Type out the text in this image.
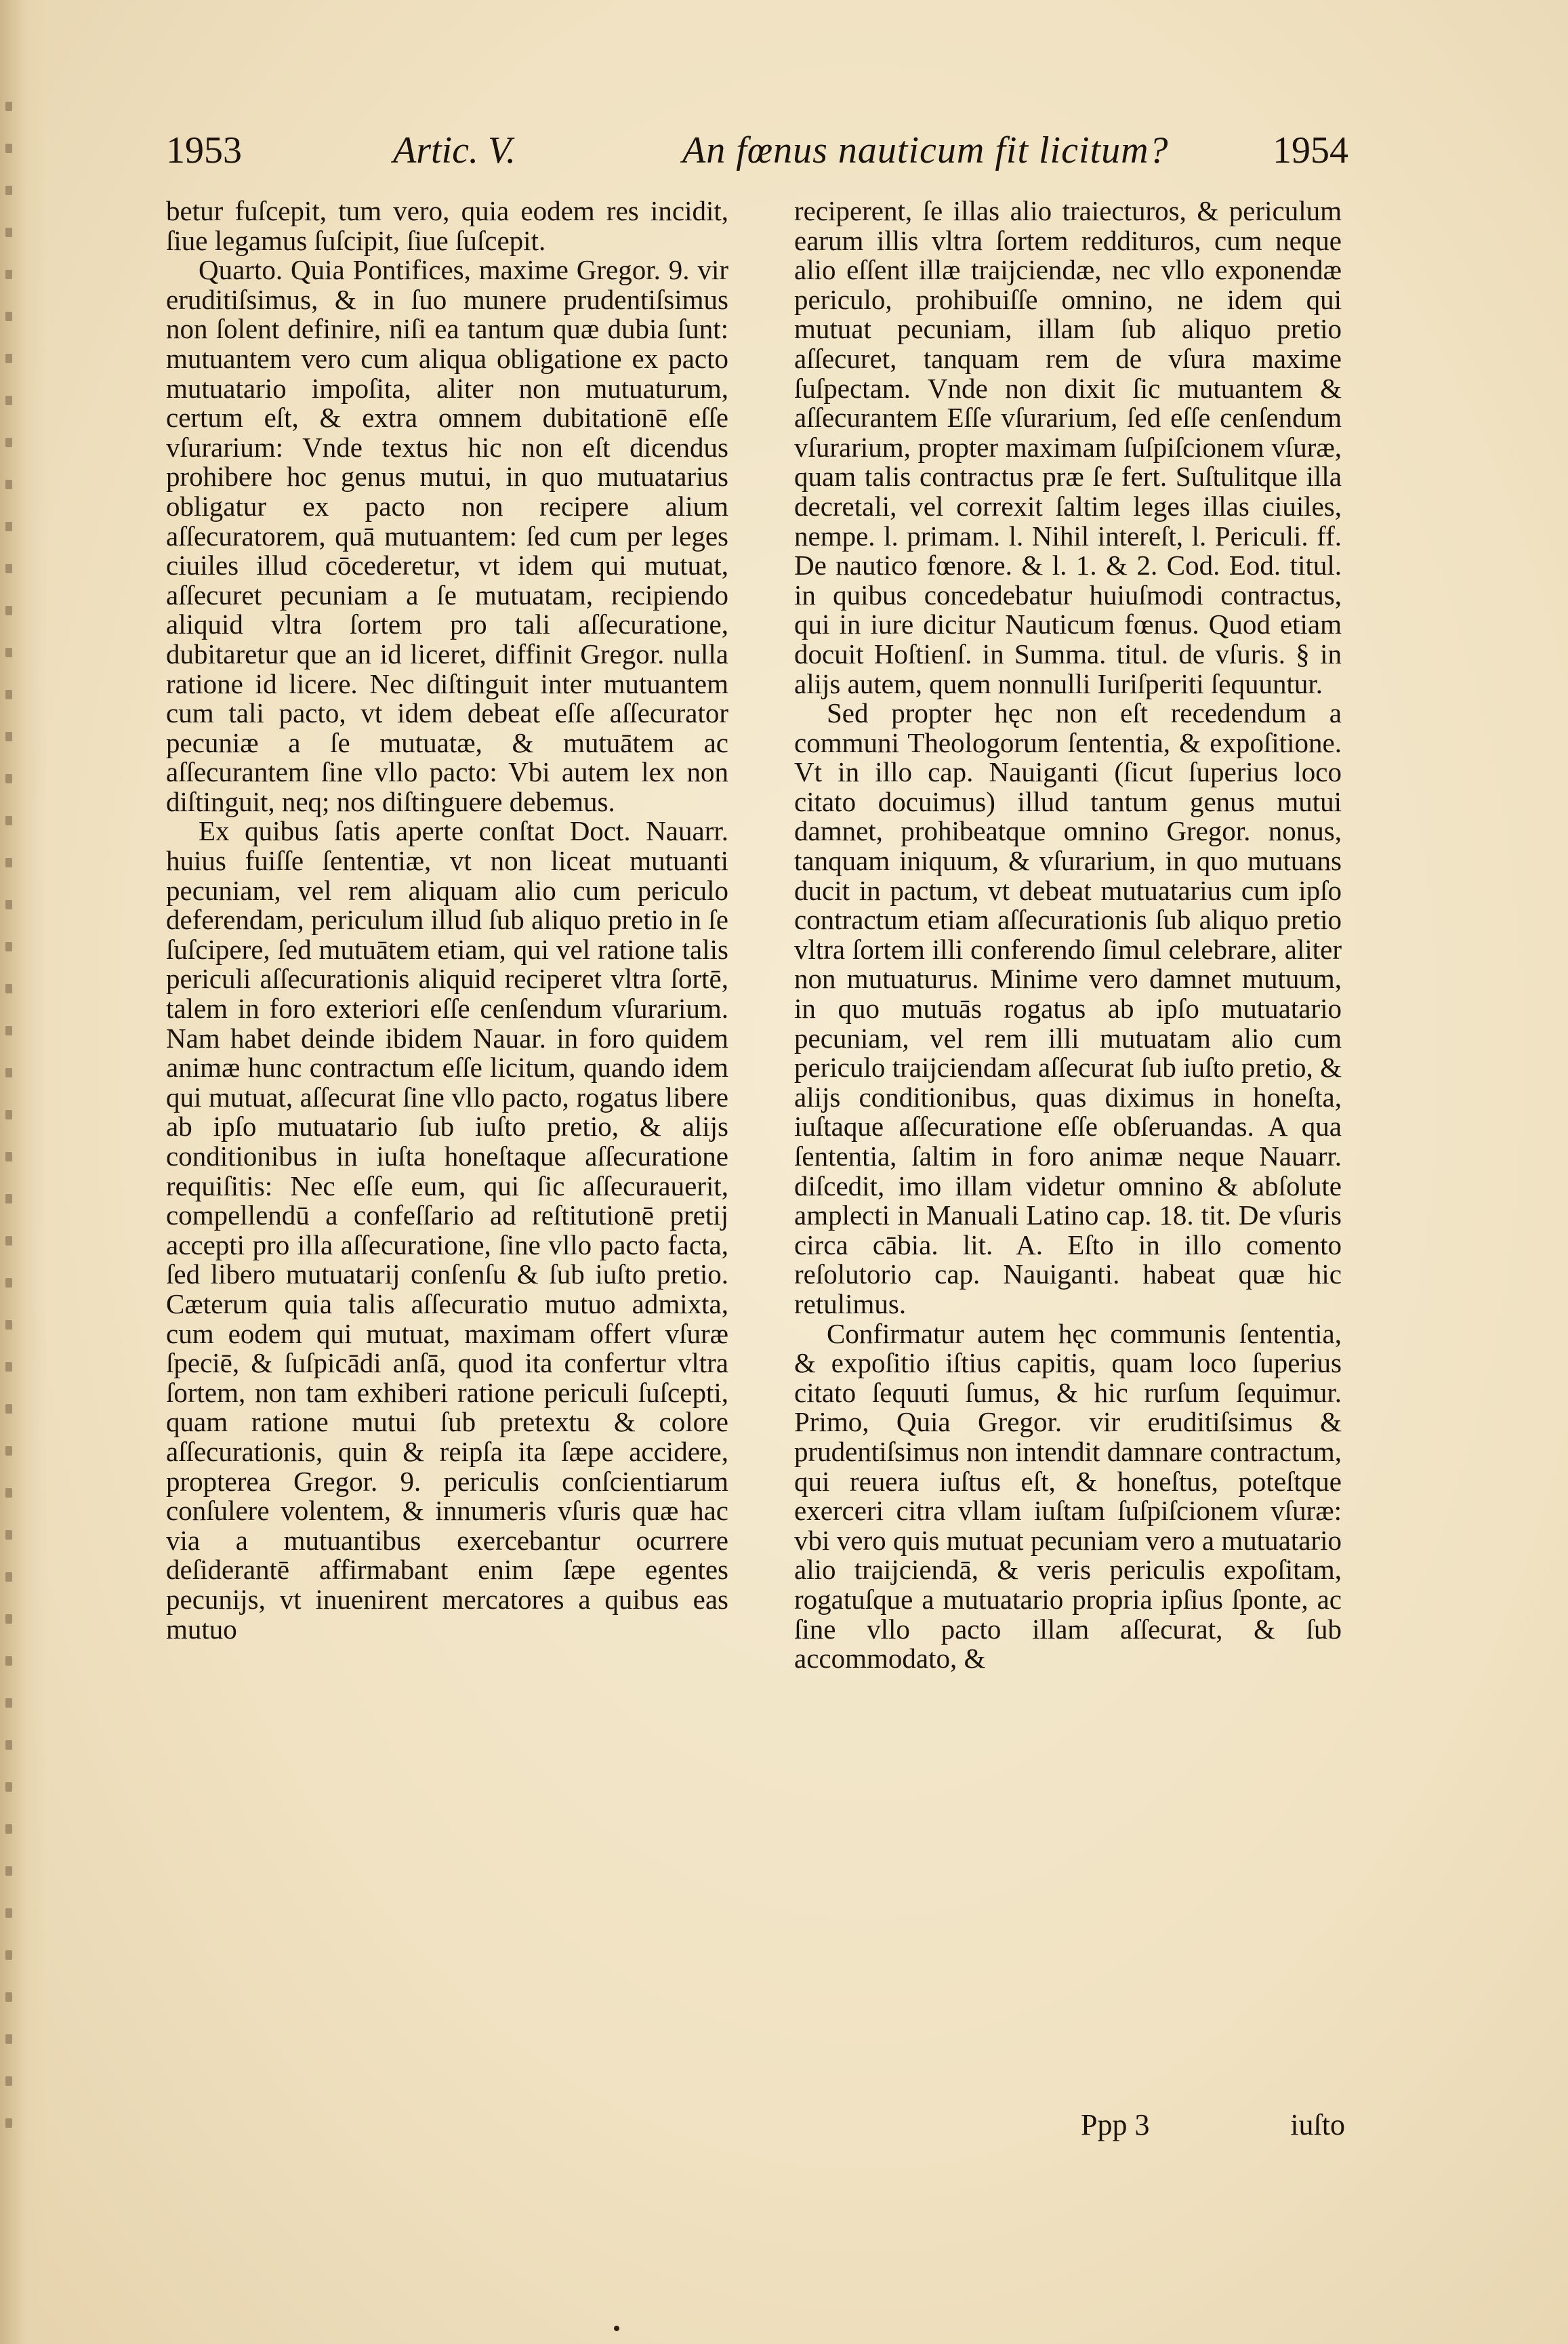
1953	Artic. V.	An fœnus nauticum fit licitum?	1954

betur fuſcepit, tum vero, quia eodem res incidit, ſiue legamus ſuſcipit, ſiue ſuſcepit.

Quarto. Quia Pontifices, maxime Gregor. 9. vir eruditiſsimus, & in ſuo munere prudentiſsimus non ſolent definire, niſi ea tantum quæ dubia ſunt: mutuantem vero cum aliqua obligatione ex pacto mutuatario impoſita, aliter non mutuaturum, certum eſt, & extra omnem dubitationē eſſe vſurarium: Vnde textus hic non eſt dicendus prohibere hoc genus mutui, in quo mutuatarius obligatur ex pacto non recipere alium aſſecuratorem, quā mutuantem: ſed cum per leges ciuiles illud cōcederetur, vt idem qui mutuat, aſſecuret pecuniam a ſe mutuatam, recipiendo aliquid vltra ſortem pro tali aſſecuratione, dubitaretur que an id liceret, diffinit Gregor. nulla ratione id licere. Nec diſtinguit inter mutuantem cum tali pacto, vt idem debeat eſſe aſſecurator pecuniæ a ſe mutuatæ, & mutuātem ac aſſecurantem ſine vllo pacto: Vbi autem lex non diſtinguit, neq; nos diſtinguere debemus.

Ex quibus ſatis aperte conſtat Doct. Nauarr. huius fuiſſe ſententiæ, vt non liceat mutuanti pecuniam, vel rem aliquam alio cum periculo deferendam, periculum illud ſub aliquo pretio in ſe ſuſcipere, ſed mutuātem etiam, qui vel ratione talis periculi aſſecurationis aliquid reciperet vltra ſortē, talem in foro exteriori eſſe cenſendum vſurarium. Nam habet deinde ibidem Nauar. in foro quidem animæ hunc contractum eſſe licitum, quando idem qui mutuat, aſſecurat ſine vllo pacto, rogatus libere ab ipſo mutuatario ſub iuſto pretio, & alijs conditionibus in iuſta honeſtaque aſſecuratione requiſitis: Nec eſſe eum, qui ſic aſſecurauerit, compellendū a confeſſario ad reſtitutionē pretij accepti pro illa aſſecuratione, ſine vllo pacto facta, ſed libero mutuatarij conſenſu & ſub iuſto pretio. Cæterum quia talis aſſecuratio mutuo admixta, cum eodem qui mutuat, maximam offert vſuræ ſpeciē, & ſuſpicādi anſā, quod ita confertur vltra ſortem, non tam exhiberi ratione periculi ſuſcepti, quam ratione mutui ſub pretextu & colore aſſecurationis, quin & reipſa ita ſæpe accidere, propterea Gregor. 9. periculis conſcientiarum conſulere volentem, & innumeris vſuris quæ hac via a mutuantibus exercebantur ocurrere deſiderantē affirmabant enim ſæpe egentes pecunijs, vt inuenirent mercatores a quibus eas mutuo

reciperent, ſe illas alio traiecturos, & periculum earum illis vltra ſortem reddituros, cum neque alio eſſent illæ traijciendæ, nec vllo exponendæ periculo, prohibuiſſe omnino, ne idem qui mutuat pecuniam, illam ſub aliquo pretio aſſecuret, tanquam rem de vſura maxime ſuſpectam. Vnde non dixit ſic mutuantem & aſſecurantem Eſſe vſurarium, ſed eſſe cenſendum vſurarium, propter maximam ſuſpiſcionem vſuræ, quam talis contractus præ ſe fert. Suſtulitque illa decretali, vel correxit ſaltim leges illas ciuiles, nempe. l. primam. l. Nihil intereſt, l. Periculi. ff. De nautico fœnore. & l. 1. & 2. Cod. Eod. titul. in quibus concedebatur huiuſmodi contractus, qui in iure dicitur Nauticum fœnus. Quod etiam docuit Hoſtienſ. in Summa. titul. de vſuris. § in alijs autem, quem nonnulli Iuriſperiti ſequuntur.

Sed propter hęc non eſt recedendum a communi Theologorum ſententia, & expoſitione. Vt in illo cap. Nauiganti (ſicut ſuperius loco citato docuimus) illud tantum genus mutui damnet, prohibeatque omnino Gregor. nonus, tanquam iniquum, & vſurarium, in quo mutuans ducit in pactum, vt debeat mutuatarius cum ipſo contractum etiam aſſecurationis ſub aliquo pretio vltra ſortem illi conferendo ſimul celebrare, aliter non mutuaturus. Minime vero damnet mutuum, in quo mutuās rogatus ab ipſo mutuatario pecuniam, vel rem illi mutuatam alio cum periculo traijciendam aſſecurat ſub iuſto pretio, & alijs conditionibus, quas diximus in honeſta, iuſtaque aſſecuratione eſſe obſeruandas. A qua ſententia, ſaltim in foro animæ neque Nauarr. diſcedit, imo illam videtur omnino & abſolute amplecti in Manuali Latino cap. 18. tit. De vſuris circa cābia. lit. A. Eſto in illo comento reſolutorio cap. Nauiganti. habeat quæ hic retulimus.

Confirmatur autem hęc communis ſententia, & expoſitio iſtius capitis, quam loco ſuperius citato ſequuti ſumus, & hic rurſum ſequimur. Primo, Quia Gregor. vir eruditiſsimus & prudentiſsimus non intendit damnare contractum, qui reuera iuſtus eſt, & honeſtus, poteſtque exerceri citra vllam iuſtam ſuſpiſcionem vſuræ: vbi vero quis mutuat pecuniam vero a mutuatario alio traijciendā, & veris periculis expoſitam, rogatuſque a mutuatario propria ipſius ſponte, ac ſine vllo pacto illam aſſecurat, & ſub accommodato, &

Ppp 3	iuſto
